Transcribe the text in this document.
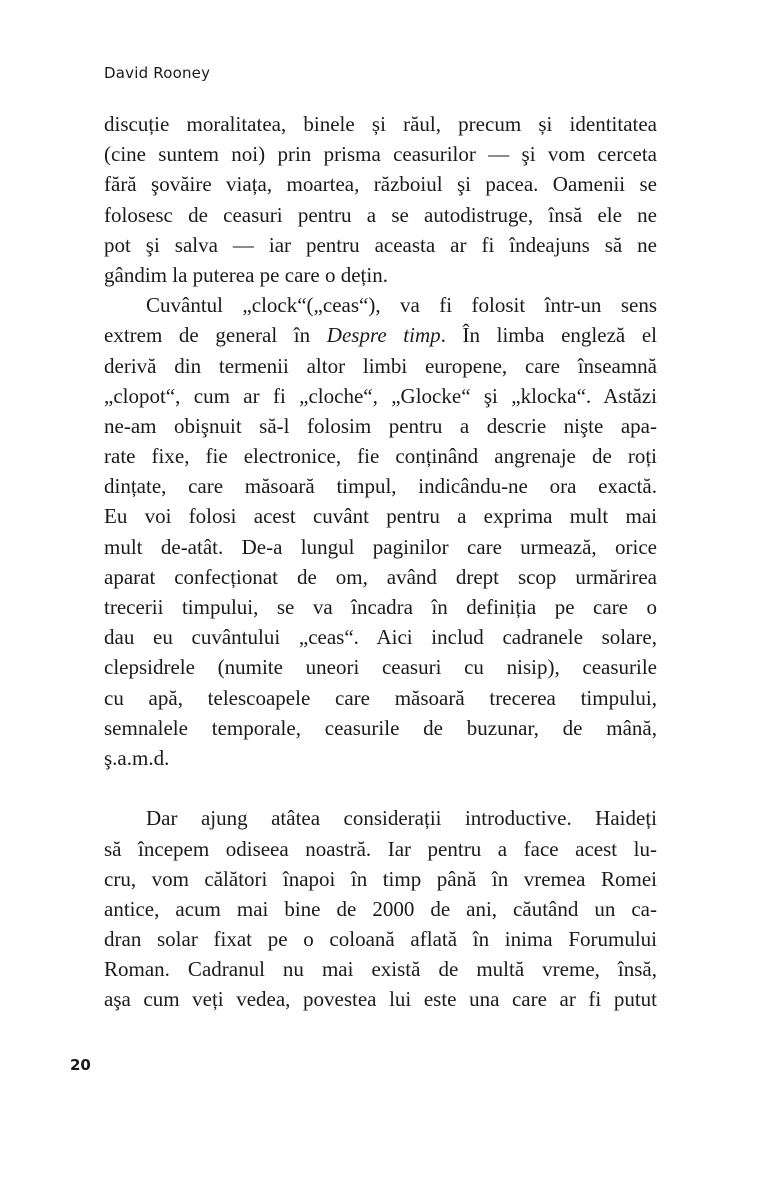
David Rooney
discuție moralitatea, binele și răul, precum și identitatea
(cine suntem noi) prin prisma ceasurilor — şi vom cerceta
fără şovăire viața, moartea, războiul şi pacea. Oamenii se
folosesc de ceasuri pentru a se autodistruge, însă ele ne
pot şi salva — iar pentru aceasta ar fi îndeajuns să ne
gândim la puterea pe care o dețin.
Cuvântul „clock“(„ceas“), va fi folosit într-un sens
extrem de general în Despre timp. În limba engleză el
derivă din termenii altor limbi europene, care înseamnă
„clopot“, cum ar fi „cloche“, „Glocke“ şi „klocka“. Astăzi
ne-am obişnuit să-l folosim pentru a descrie nişte apa-
rate fixe, fie electronice, fie conținând angrenaje de roți
dințate, care măsoară timpul, indicându-ne ora exactă.
Eu voi folosi acest cuvânt pentru a exprima mult mai
mult de-atât. De-a lungul paginilor care urmează, orice
aparat confecționat de om, având drept scop urmărirea
trecerii timpului, se va încadra în definiția pe care o
dau eu cuvântului „ceas“. Aici includ cadranele solare,
clepsidrele (numite uneori ceasuri cu nisip), ceasurile
cu apă, telescoapele care măsoară trecerea timpului,
semnalele temporale, ceasurile de buzunar, de mână,
ş.a.m.d.
Dar ajung atâtea considerații introductive. Haideți
să începem odiseea noastră. Iar pentru a face acest lu-
cru, vom călători înapoi în timp până în vremea Romei
antice, acum mai bine de 2000 de ani, căutând un ca-
dran solar fixat pe o coloană aflată în inima Forumului
Roman. Cadranul nu mai există de multă vreme, însă,
aşa cum veți vedea, povestea lui este una care ar fi putut
20
